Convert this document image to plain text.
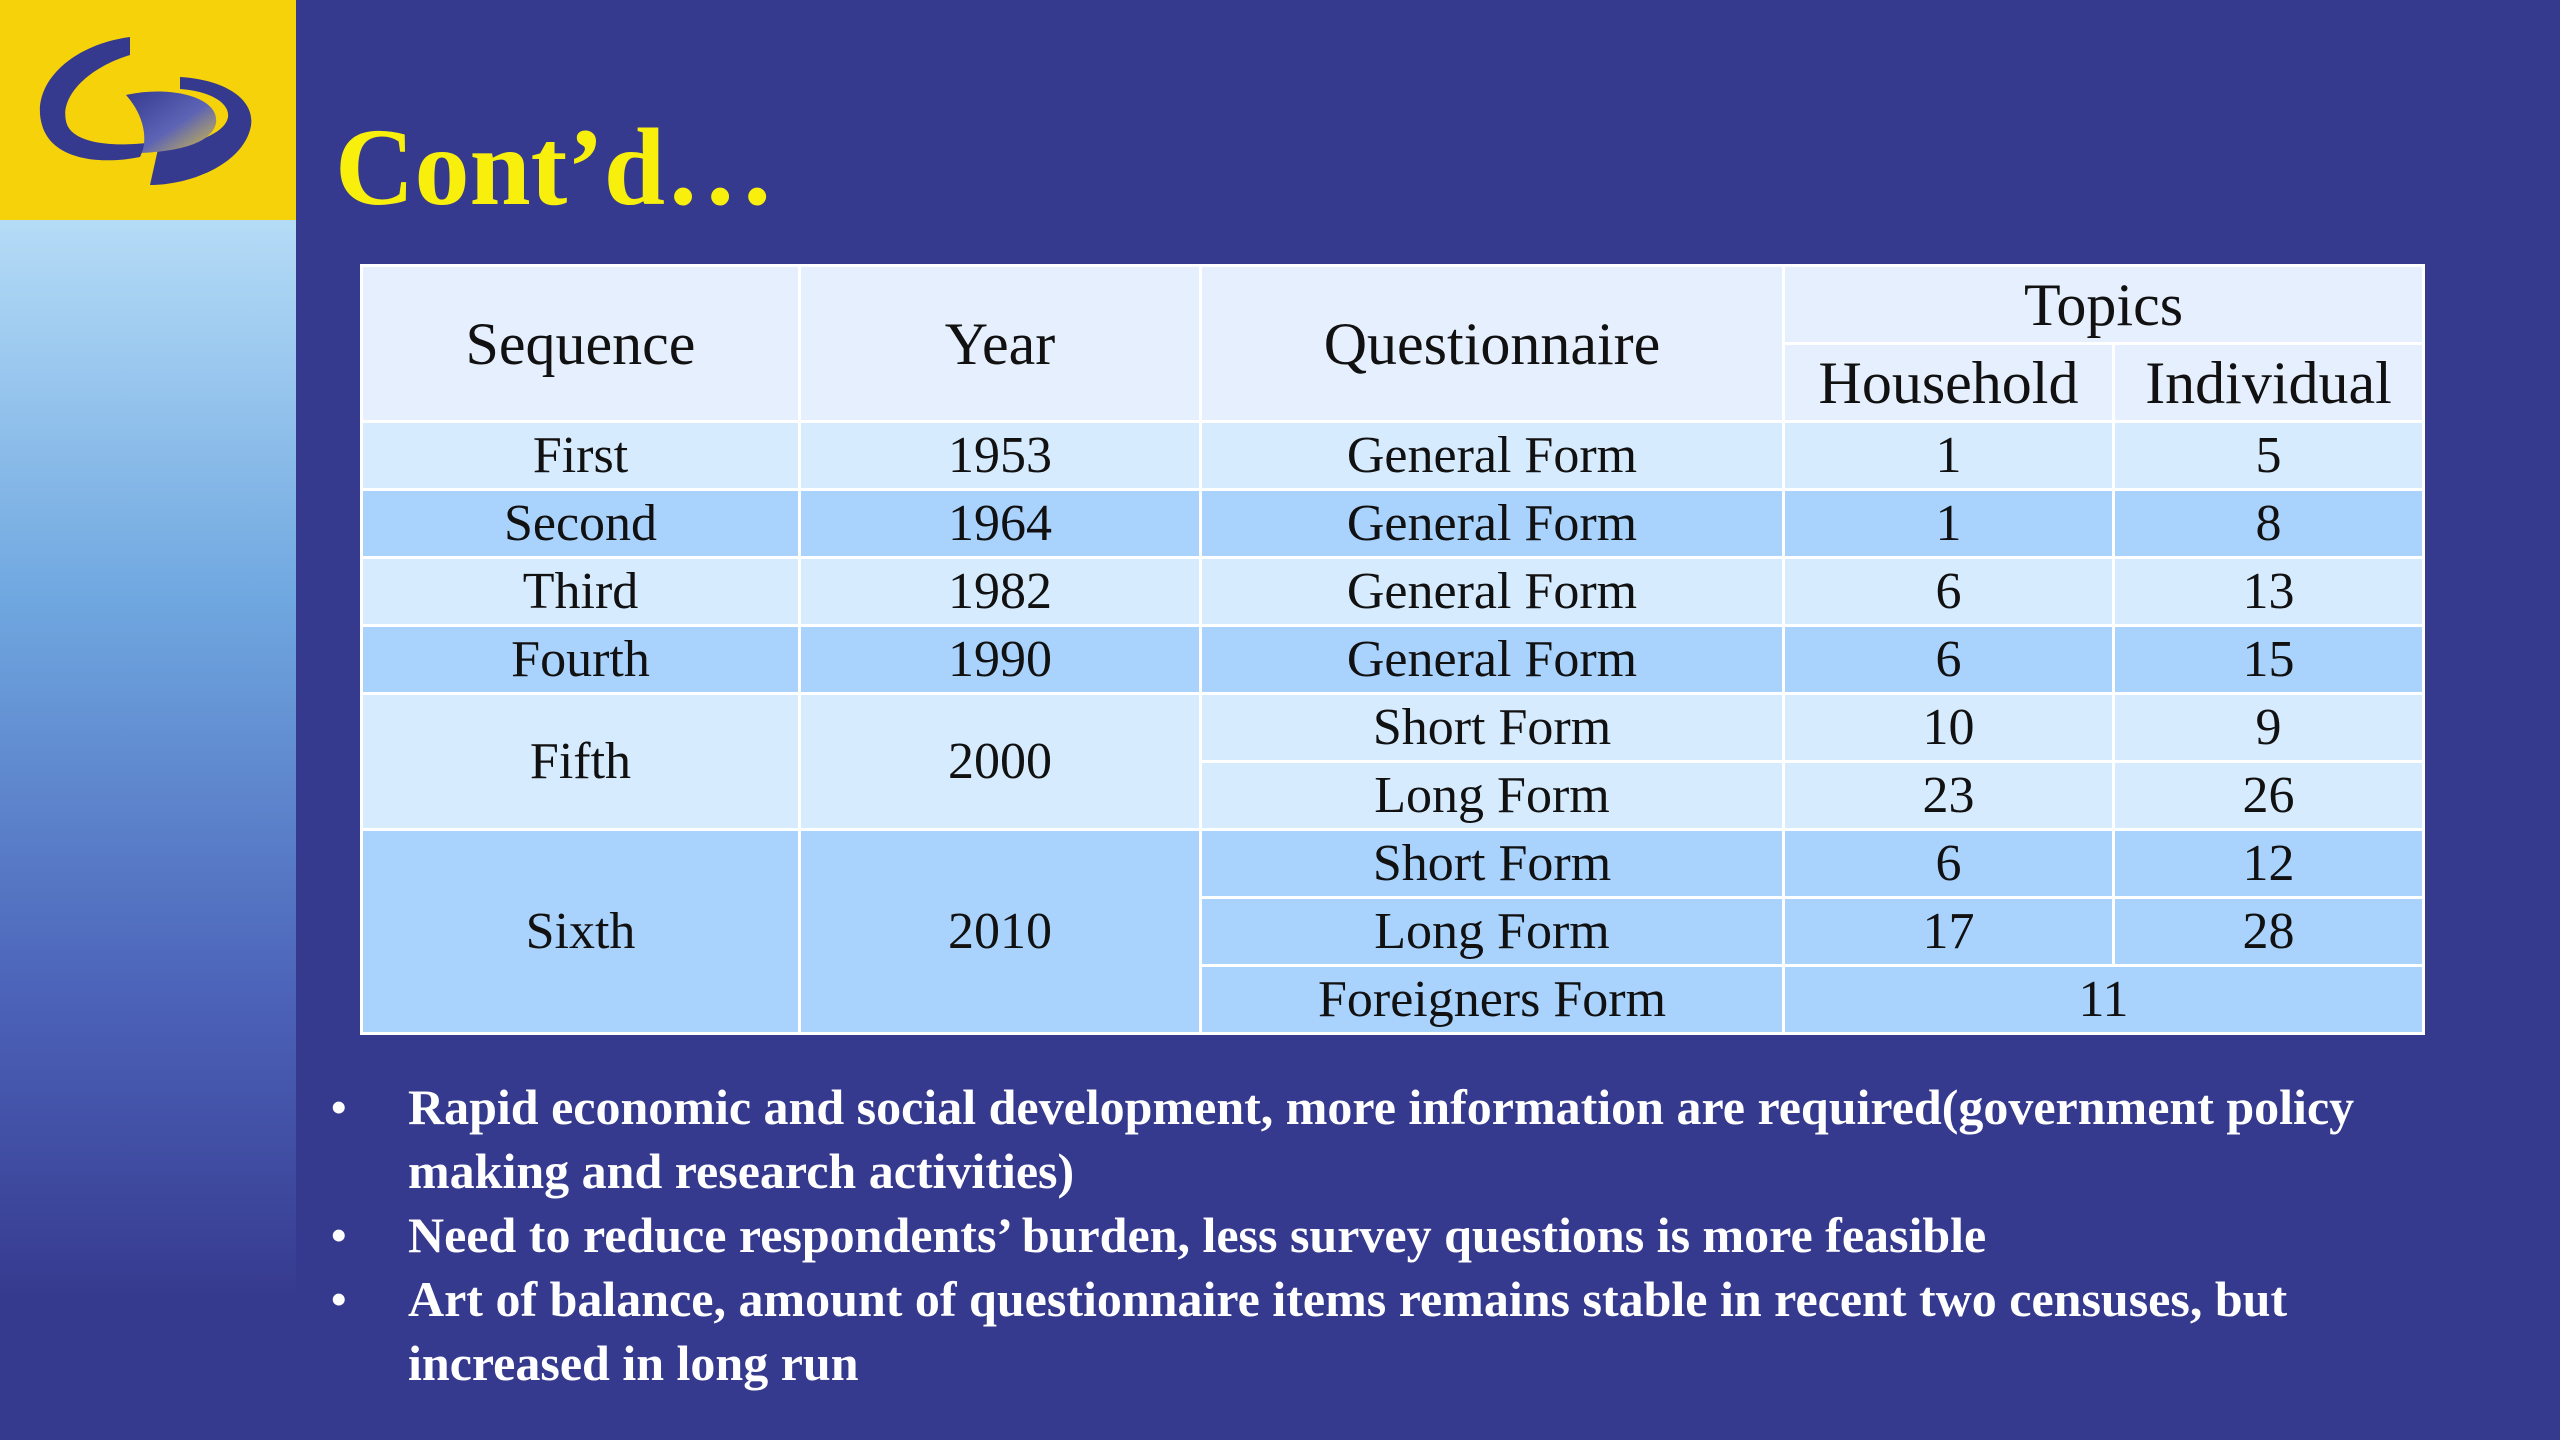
Cont’d…
Sequence	Year	Questionnaire	Topics	
			Household	Individual
First	1953	General Form	1	5
Second	1964	General Form	1	8
Third	1982	General Form	6	13
Fourth	1990	General Form	6	15
Fifth	2000	Short Form	10	9
		Long Form	23	26
Sixth	2010	Short Form	6	12
		Long Form	17	28
		Foreigners Form	11	
• Rapid economic and social development, more information are required(government policy making and research activities)
• Need to reduce respondents’ burden, less survey questions is more feasible
• Art of balance, amount of questionnaire items remains stable in recent two censuses, but increased in long run
